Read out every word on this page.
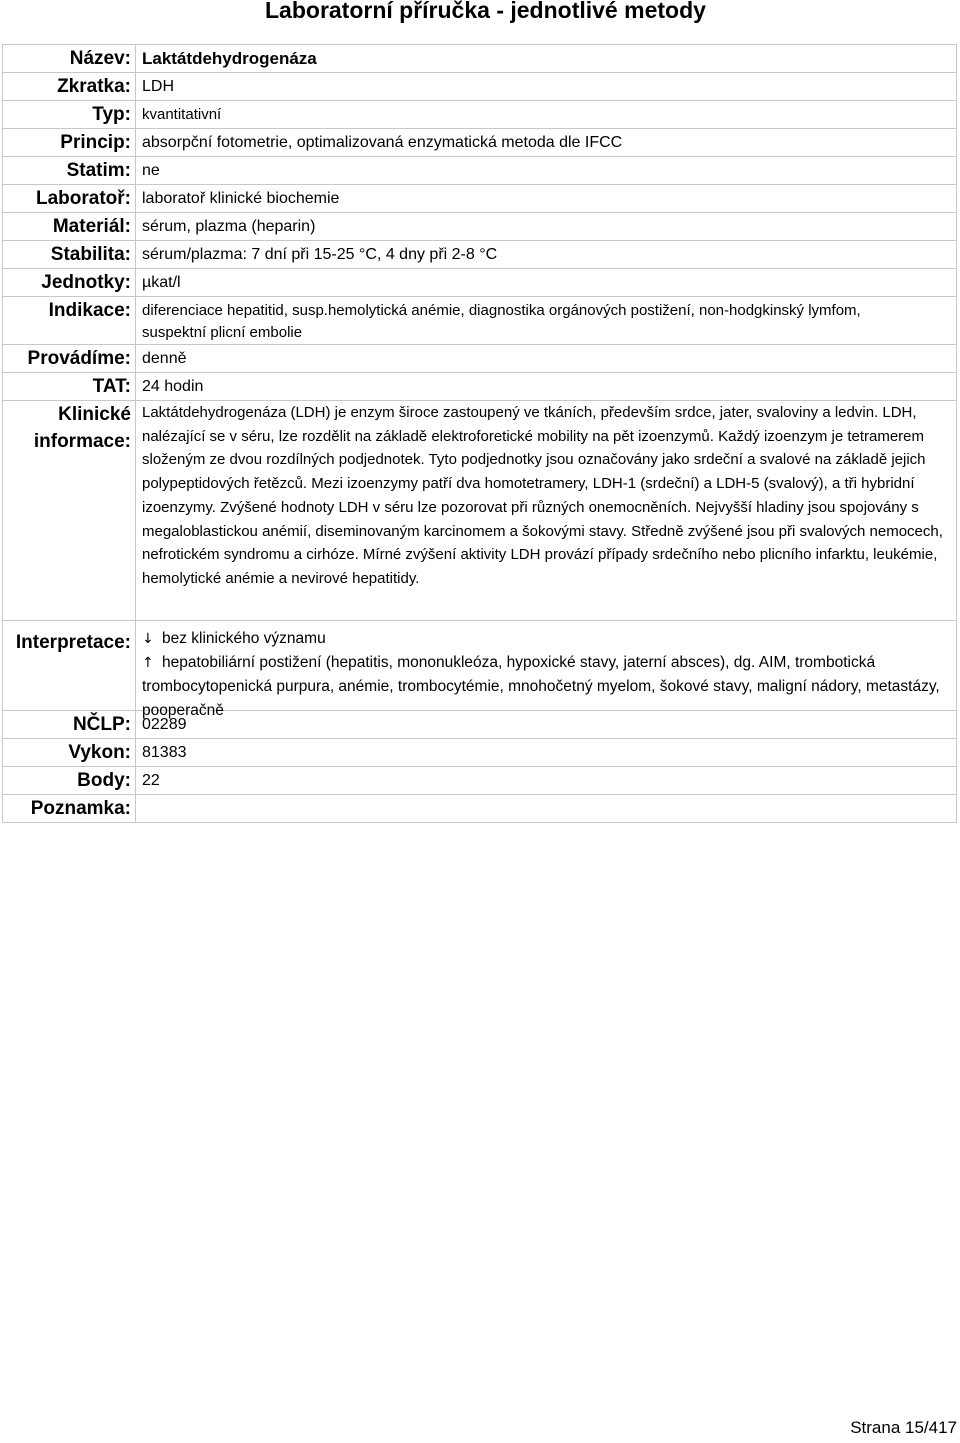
Laboratorní příručka - jednotlivé metody
Název:	Laktátdehydrogenáza
Zkratka:	LDH
Typ:	kvantitativní
Princip:	absorpční fotometrie, optimalizovaná enzymatická metoda dle IFCC
Statim:	ne
Laboratoř:	laboratoř klinické biochemie
Materiál:	sérum, plazma (heparin)
Stabilita:	sérum/plazma: 7 dní při 15-25 °C, 4 dny při 2-8 °C
Jednotky:	µkat/l
Indikace:	diferenciace hepatitid, susp.hemolytická anémie, diagnostika orgánových postižení, non-hodgkinský lymfom,
suspektní plicní embolie

Provádíme:	denně
TAT:	24 hodin

Klinické
informace:	Laktátdehydrogenáza (LDH) je enzym široce zastoupený ve tkáních, především srdce, jater, svaloviny a ledvin. LDH, nalézající se v séru, lze rozdělit na základě elektroforetické mobility na pět izoenzymů. Každý izoenzym je tetramerem složeným ze dvou rozdílných podjednotek. Tyto podjednotky jsou označovány jako srdeční a svalové na základě jejich polypeptidových řetězců. Mezi izoenzymy patří dva homotetramery, LDH-1 (srdeční) a LDH-5 (svalový), a tři hybridní izoenzymy. Zvýšené hodnoty LDH v séru lze pozorovat při různých onemocněních. Nejvyšší hladiny jsou spojovány s megaloblastickou anémií, diseminovaným karcinomem a šokovými stavy. Středně zvýšené jsou při svalových nemocech, nefrotickém syndromu a cirhóze. Mírné zvýšení aktivity LDH provází případy srdečního nebo plicního infarktu, leukémie, hemolytické anémie a nevirové hepatitidy.

Interpretace:	↓ bez klinického významu
↑ hepatobiliární postižení (hepatitis, mononukleóza, hypoxické stavy, jaterní absces), dg. AIM, trombotická trombocytopenická purpura, anémie, trombocytémie, mnohočetný myelom, šokové stavy, maligní nádory, metastázy, pooperačně

NČLP:	02289
Vykon:	81383
Body:	22
Poznamka:	
Strana 15/417
